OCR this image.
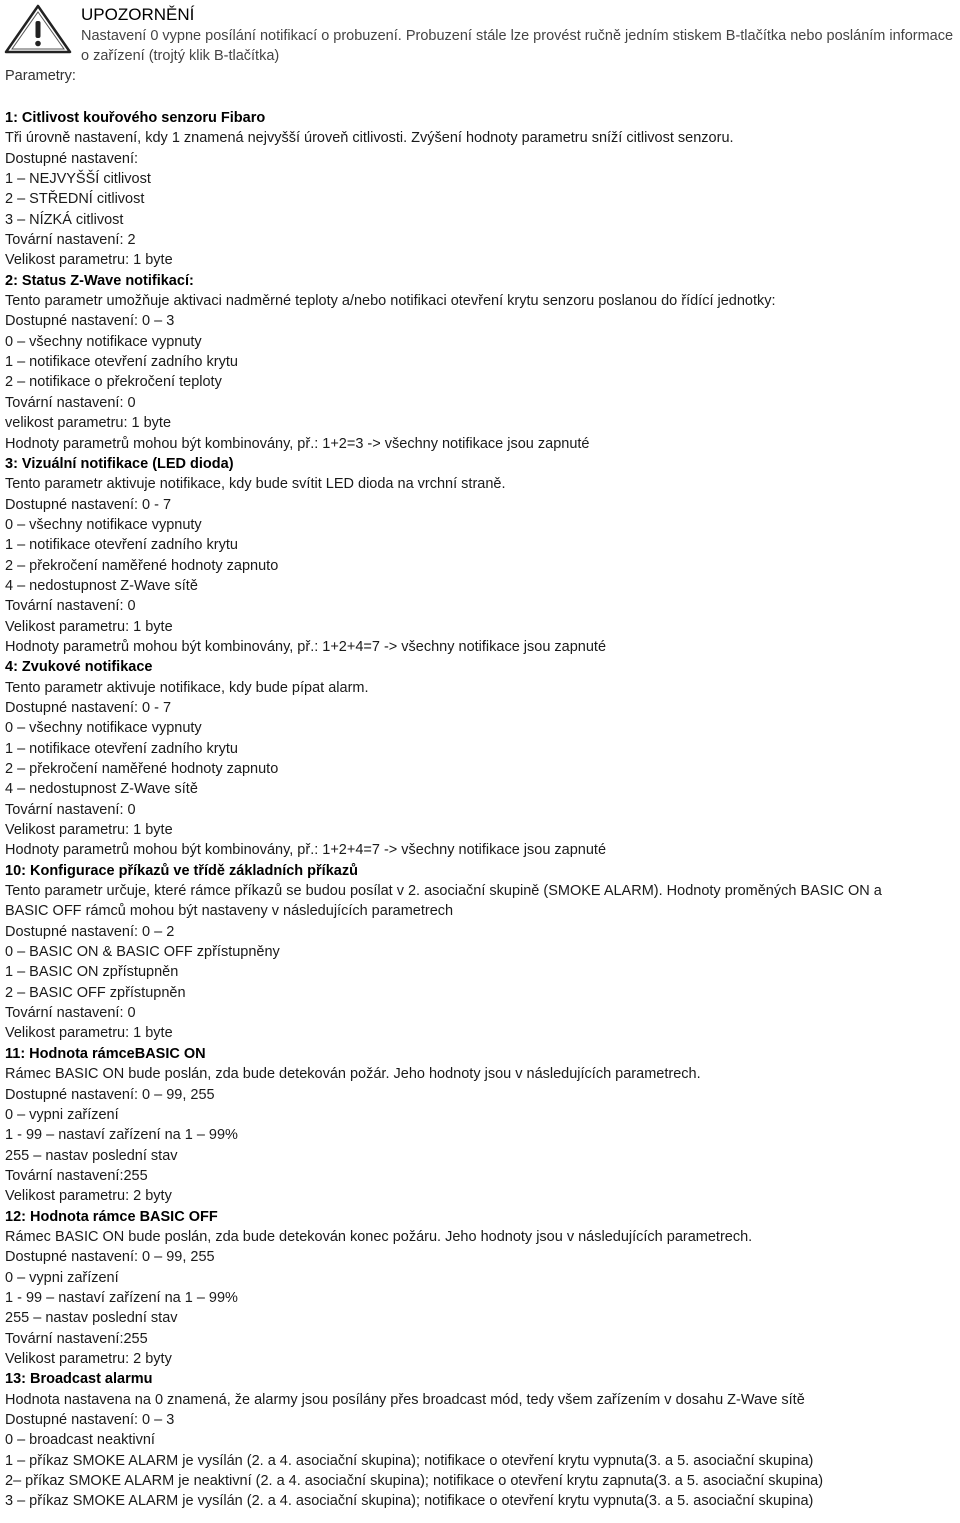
UPOZORNĚNÍ
Nastavení 0 vypne posílání notifikací o probuzení. Probuzení stále lze provést ručně jedním stiskem B-tlačítka nebo posláním informace o zařízení (trojtý klik B-tlačítka)
Parametry:
1: Citlivost kouřového senzoru Fibaro
Tři úrovně nastavení, kdy 1 znamená nejvyšší úroveň citlivosti. Zvýšení hodnoty parametru sníží citlivost senzoru.
Dostupné nastavení:
1 – NEJVYŠŠÍ citlivost
2 – STŘEDNÍ citlivost
3 – NÍZKÁ citlivost
Tovární nastavení: 2
Velikost parametru: 1 byte
2: Status Z-Wave notifikací:
Tento parametr umožňuje aktivaci nadměrné teploty a/nebo notifikaci otevření krytu senzoru poslanou do řídící jednotky:
Dostupné nastavení: 0 – 3
0 – všechny notifikace vypnuty
1 – notifikace otevření zadního krytu
2 – notifikace o překročení teploty
Tovární nastavení: 0
velikost parametru: 1 byte
Hodnoty parametrů mohou být kombinovány, př.: 1+2=3 -> všechny notifikace jsou zapnuté
3: Vizuální notifikace (LED dioda)
Tento parametr aktivuje notifikace, kdy bude svítit LED dioda na vrchní straně.
Dostupné nastavení: 0 - 7
0 – všechny notifikace vypnuty
1 – notifikace otevření zadního krytu
2 – překročení naměřené hodnoty zapnuto
4 – nedostupnost Z-Wave sítě
Tovární nastavení: 0
Velikost parametru: 1 byte
Hodnoty parametrů mohou být kombinovány, př.: 1+2+4=7 -> všechny notifikace jsou zapnuté
4: Zvukové notifikace
Tento parametr aktivuje notifikace, kdy bude pípat alarm.
Dostupné nastavení: 0 - 7
0 – všechny notifikace vypnuty
1 – notifikace otevření zadního krytu
2 – překročení naměřené hodnoty zapnuto
4 – nedostupnost Z-Wave sítě
Tovární nastavení: 0
Velikost parametru: 1 byte
Hodnoty parametrů mohou být kombinovány, př.: 1+2+4=7 -> všechny notifikace jsou zapnuté
10: Konfigurace příkazů ve třídě základních příkazů
Tento parametr určuje, které rámce příkazů se budou posílat v 2. asociační skupině (SMOKE ALARM). Hodnoty proměných BASIC ON a
BASIC OFF rámců mohou být nastaveny v následujících parametrech
Dostupné nastavení: 0 – 2
0 – BASIC ON & BASIC OFF zpřístupněny
1 – BASIC ON zpřístupněn
2 – BASIC OFF zpřístupněn
Tovární nastavení: 0
Velikost parametru: 1 byte
11: Hodnota rámceBASIC ON
Rámec BASIC ON bude poslán, zda bude detekován požár. Jeho hodnoty jsou v následujících parametrech.
Dostupné nastavení: 0 – 99, 255
0 – vypni zařízení
1 - 99 – nastaví zařízení na 1 – 99%
255 – nastav poslední stav
Tovární nastavení:255
Velikost parametru: 2 byty
12: Hodnota rámce BASIC OFF
Rámec BASIC ON bude poslán, zda bude detekován konec požáru. Jeho hodnoty jsou v následujících parametrech.
Dostupné nastavení: 0 – 99, 255
0 – vypni zařízení
1 - 99 – nastaví zařízení na 1 – 99%
255 – nastav poslední stav
Tovární nastavení:255
Velikost parametru: 2 byty
13: Broadcast alarmu
Hodnota nastavena na 0 znamená, že alarmy jsou posílány přes broadcast mód, tedy všem zařízením v dosahu Z-Wave sítě
Dostupné nastavení: 0 – 3
0 – broadcast neaktivní
1 – příkaz SMOKE ALARM je vysílán (2. a 4. asociační skupina); notifikace o otevření krytu vypnuta(3. a 5. asociační skupina)
2– příkaz SMOKE ALARM je neaktivní (2. a 4. asociační skupina); notifikace o otevření krytu zapnuta(3. a 5. asociační skupina)
3 – příkaz SMOKE ALARM je vysílán (2. a 4. asociační skupina); notifikace o otevření krytu vypnuta(3. a 5. asociační skupina)
